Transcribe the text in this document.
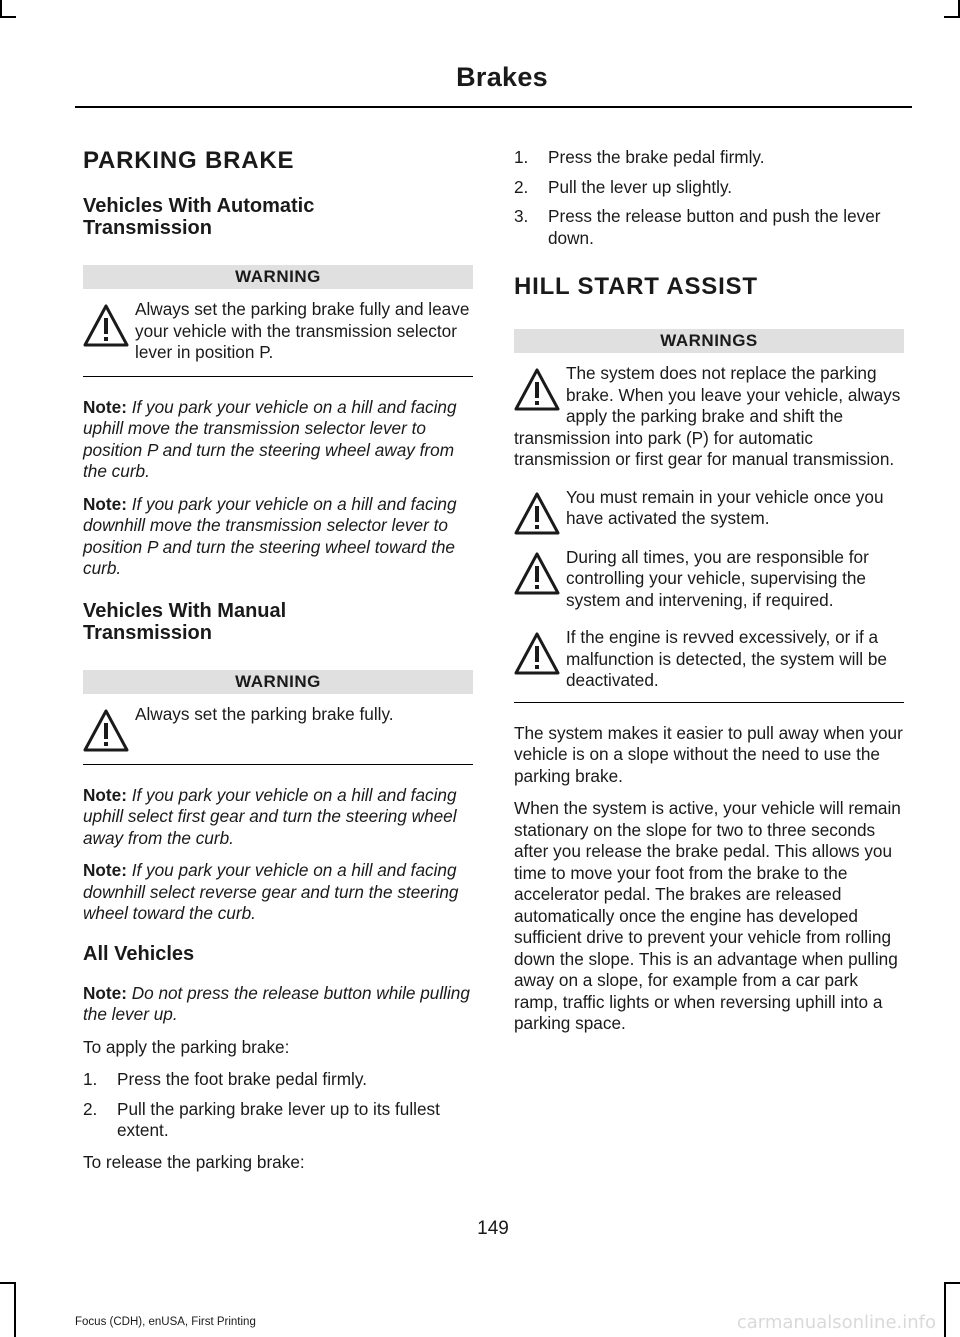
Brakes
PARKING BRAKE
Vehicles With Automatic Transmission
WARNING
Always set the parking brake fully and leave your vehicle with the transmission selector lever in position P.

Note: If you park your vehicle on a hill and facing uphill move the transmission selector lever to position P and turn the steering wheel away from the curb.

Note: If you park your vehicle on a hill and facing downhill move the transmission selector lever to position P and turn the steering wheel toward the curb.

Vehicles With Manual Transmission
WARNING
Always set the parking brake fully.

Note: If you park your vehicle on a hill and facing uphill select first gear and turn the steering wheel away from the curb.

Note: If you park your vehicle on a hill and facing downhill select reverse gear and turn the steering wheel toward the curb.

All Vehicles

Note: Do not press the release button while pulling the lever up.

To apply the parking brake:

1. Press the foot brake pedal firmly.
2. Pull the parking brake lever up to its fullest extent.

To release the parking brake:

1. Press the brake pedal firmly.
2. Pull the lever up slightly.
3. Press the release button and push the lever down.
HILL START ASSIST
WARNINGS
The system does not replace the parking brake. When you leave your vehicle, always apply the parking brake and shift the transmission into park (P) for automatic transmission or first gear for manual transmission.
You must remain in your vehicle once you have activated the system.
During all times, you are responsible for controlling your vehicle, supervising the system and intervening, if required.
If the engine is revved excessively, or if a malfunction is detected, the system will be deactivated.

The system makes it easier to pull away when your vehicle is on a slope without the need to use the parking brake.

When the system is active, your vehicle will remain stationary on the slope for two to three seconds after you release the brake pedal. This allows you time to move your foot from the brake to the accelerator pedal. The brakes are released automatically once the engine has developed sufficient drive to prevent your vehicle from rolling down the slope. This is an advantage when pulling away on a slope, for example from a car park ramp, traffic lights or when reversing uphill into a parking space.

149
Focus (CDH), enUSA, First Printing	carmanualsonline.info
